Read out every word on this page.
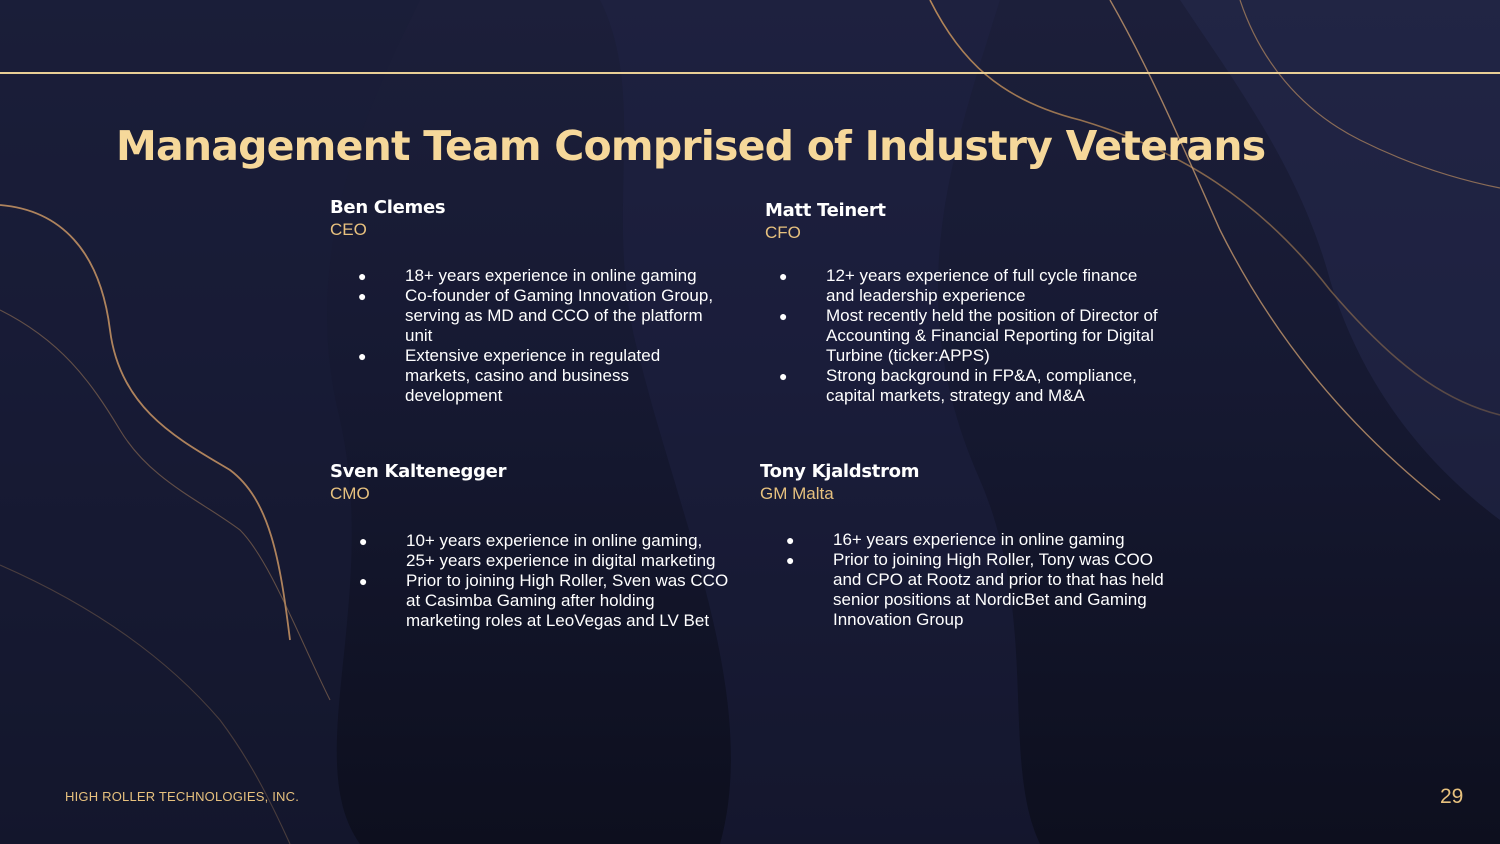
Management Team Comprised of Industry Veterans
Ben Clemes
CEO
● 18+ years experience in online gaming
● Co-founder of Gaming Innovation Group, serving as MD and CCO of the platform unit
● Extensive experience in regulated markets, casino and business development
Matt Teinert
CFO
● 12+ years experience of full cycle finance and leadership experience
● Most recently held the position of Director of Accounting & Financial Reporting for Digital Turbine (ticker:APPS)
● Strong background in FP&A, compliance, capital markets, strategy and M&A
Sven Kaltenegger
CMO
● 10+ years experience in online gaming, 25+ years experience in digital marketing
● Prior to joining High Roller, Sven was CCO at Casimba Gaming after holding marketing roles at LeoVegas and LV Bet
Tony Kjaldstrom
GM Malta
● 16+ years experience in online gaming
● Prior to joining High Roller, Tony was COO and CPO at Rootz and prior to that has held senior positions at NordicBet and Gaming Innovation Group
HIGH ROLLER TECHNOLOGIES, INC.	29
